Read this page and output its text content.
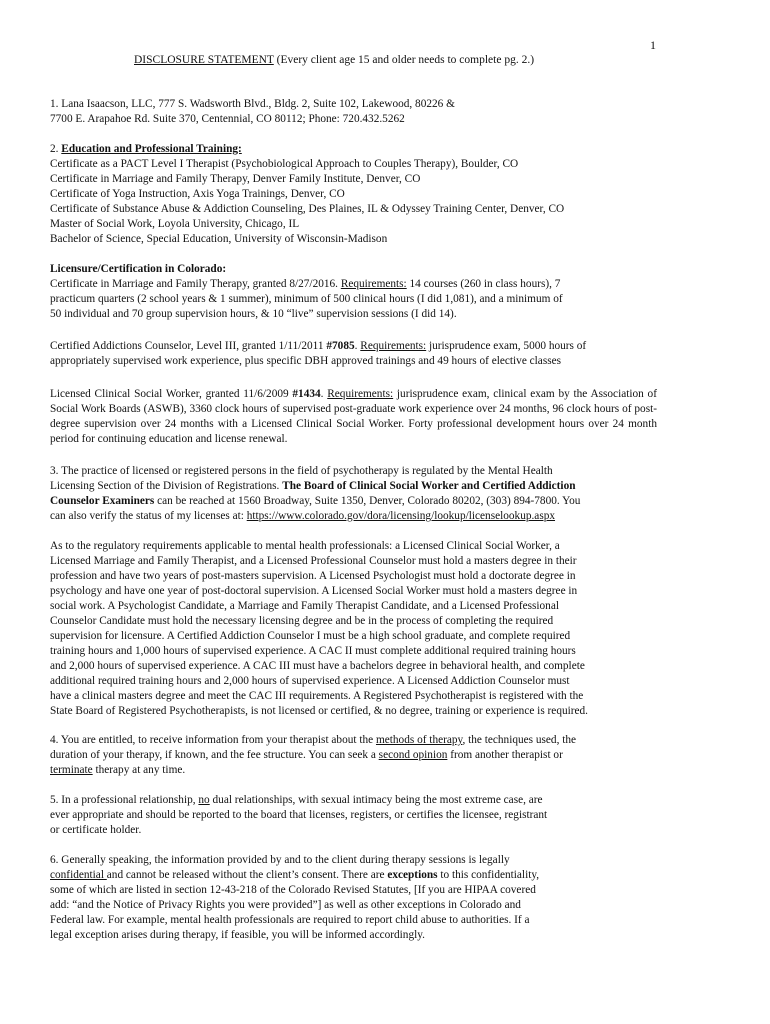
1
DISCLOSURE STATEMENT (Every client age 15 and older needs to complete pg. 2.)
1. Lana Isaacson, LLC, 777 S. Wadsworth Blvd., Bldg. 2, Suite 102, Lakewood, 80226 &
7700 E. Arapahoe Rd. Suite 370, Centennial, CO 80112; Phone: 720.432.5262
2. Education and Professional Training:
Certificate as a PACT Level I Therapist (Psychobiological Approach to Couples Therapy), Boulder, CO
Certificate in Marriage and Family Therapy, Denver Family Institute, Denver, CO
Certificate of Yoga Instruction, Axis Yoga Trainings, Denver, CO
Certificate of Substance Abuse & Addiction Counseling, Des Plaines, IL & Odyssey Training Center, Denver, CO
Master of Social Work, Loyola University, Chicago, IL
Bachelor of Science, Special Education, University of Wisconsin-Madison
Licensure/Certification in Colorado:
Certificate in Marriage and Family Therapy, granted 8/27/2016. Requirements: 14 courses (260 in class hours), 7
practicum quarters (2 school years & 1 summer), minimum of 500 clinical hours (I did 1,081), and a minimum of
50 individual and 70 group supervision hours, & 10 “live” supervision sessions (I did 14).
Certified Addictions Counselor, Level III, granted 1/11/2011 #7085. Requirements: jurisprudence exam, 5000 hours of
appropriately supervised work experience, plus specific DBH approved trainings and 49 hours of elective classes
Licensed Clinical Social Worker, granted 11/6/2009 #1434. Requirements: jurisprudence exam, clinical exam by the Association of Social Work Boards (ASWB), 3360 clock hours of supervised post-graduate work experience over 24 months, 96 clock hours of post-degree supervision over 24 months with a Licensed Clinical Social Worker. Forty professional development hours over 24 month period for continuing education and license renewal.
3. The practice of licensed or registered persons in the field of psychotherapy is regulated by the Mental Health
Licensing Section of the Division of Registrations. The Board of Clinical Social Worker and Certified Addiction
Counselor Examiners can be reached at 1560 Broadway, Suite 1350, Denver, Colorado 80202, (303) 894-7800. You
can also verify the status of my licenses at: https://www.colorado.gov/dora/licensing/lookup/licenselookup.aspx
As to the regulatory requirements applicable to mental health professionals: a Licensed Clinical Social Worker, a
Licensed Marriage and Family Therapist, and a Licensed Professional Counselor must hold a masters degree in their
profession and have two years of post-masters supervision. A Licensed Psychologist must hold a doctorate degree in
psychology and have one year of post-doctoral supervision. A Licensed Social Worker must hold a masters degree in
social work. A Psychologist Candidate, a Marriage and Family Therapist Candidate, and a Licensed Professional
Counselor Candidate must hold the necessary licensing degree and be in the process of completing the required
supervision for licensure. A Certified Addiction Counselor I must be a high school graduate, and complete required
training hours and 1,000 hours of supervised experience. A CAC II must complete additional required training hours
and 2,000 hours of supervised experience. A CAC III must have a bachelors degree in behavioral health, and complete
additional required training hours and 2,000 hours of supervised experience. A Licensed Addiction Counselor must
have a clinical masters degree and meet the CAC III requirements. A Registered Psychotherapist is registered with the
State Board of Registered Psychotherapists, is not licensed or certified, & no degree, training or experience is required.
4. You are entitled, to receive information from your therapist about the methods of therapy, the techniques used, the
duration of your therapy, if known, and the fee structure. You can seek a second opinion from another therapist or
terminate therapy at any time.
5. In a professional relationship, no dual relationships, with sexual intimacy being the most extreme case, are
ever appropriate and should be reported to the board that licenses, registers, or certifies the licensee, registrant
or certificate holder.
6. Generally speaking, the information provided by and to the client during therapy sessions is legally
confidential and cannot be released without the client’s consent. There are exceptions to this confidentiality,
some of which are listed in section 12-43-218 of the Colorado Revised Statutes, [If you are HIPAA covered
add: “and the Notice of Privacy Rights you were provided”] as well as other exceptions in Colorado and
Federal law. For example, mental health professionals are required to report child abuse to authorities. If a
legal exception arises during therapy, if feasible, you will be informed accordingly.
